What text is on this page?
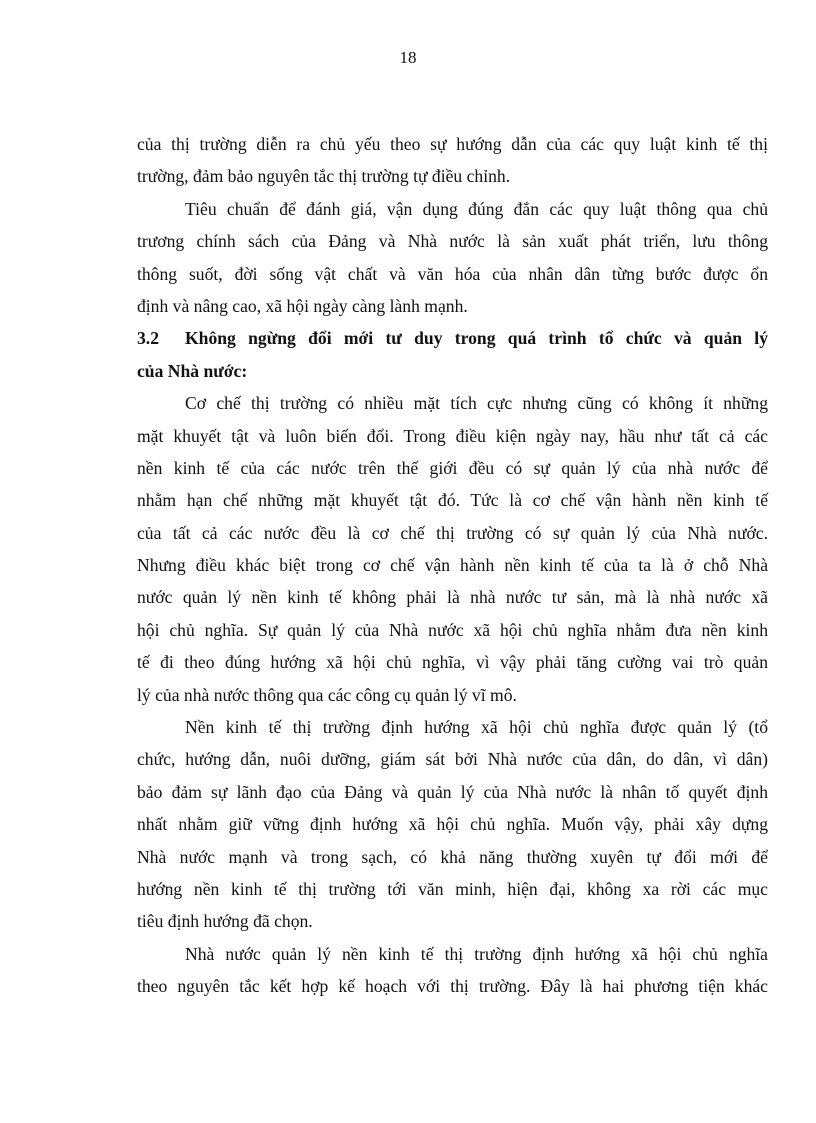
18
của thị trường diễn ra chủ yếu theo sự hướng dẫn của các quy luật kinh tế thị
trường, đảm bảo nguyên tắc thị trường tự điều chỉnh.
Tiêu chuẩn để đánh giá, vận dụng đúng đắn các quy luật thông qua chủ
trương chính sách của Đảng và Nhà nước là sản xuất phát triển, lưu thông
thông suốt, đời sống vật chất và văn hóa của nhân dân từng bước được ổn
định và nâng cao, xã hội ngày càng lành mạnh.
3.2	Không ngừng đổi mới tư duy trong quá trình tổ chức và quản lý
của Nhà nước:
Cơ chế thị trường có nhiều mặt tích cực nhưng cũng có không ít những
mặt khuyết tật và luôn biến đổi. Trong điều kiện ngày nay, hầu như tất cả các
nền kinh tế của các nước trên thế giới đều có sự quản lý của nhà nước để
nhằm hạn chế những mặt khuyết tật đó. Tức là cơ chế vận hành nền kinh tế
của tất cả các nước đều là cơ chế thị trường có sự quản lý của Nhà nước.
Nhưng điều khác biệt trong cơ chế vận hành nền kinh tế của ta là ở chỗ Nhà
nước quản lý nền kinh tế không phải là nhà nước tư sản, mà là nhà nước xã
hội chủ nghĩa. Sự quản lý của Nhà nước xã hội chủ nghĩa nhằm đưa nền kinh
tế đi theo đúng hướng xã hội chủ nghĩa, vì vậy phải tăng cường vai trò quản
lý của nhà nước thông qua các công cụ quản lý vĩ mô.
Nền kinh tế thị trường định hướng xã hội chủ nghĩa được quản lý (tổ
chức, hướng dẫn, nuôi dưỡng, giám sát bởi Nhà nước của dân, do dân, vì dân)
bảo đảm sự lãnh đạo của Đảng và quản lý của Nhà nước là nhân tố quyết định
nhất nhằm giữ vững định hướng xã hội chủ nghĩa. Muốn vậy, phải xây dựng
Nhà nước mạnh và trong sạch, có khả năng thường xuyên tự đổi mới để
hướng nền kinh tế thị trường tới văn minh, hiện đại, không xa rời các mục
tiêu định hướng đã chọn.
Nhà nước quản lý nền kinh tế thị trường định hướng xã hội chủ nghĩa
theo nguyên tắc kết hợp kế hoạch với thị trường. Đây là hai phương tiện khác
